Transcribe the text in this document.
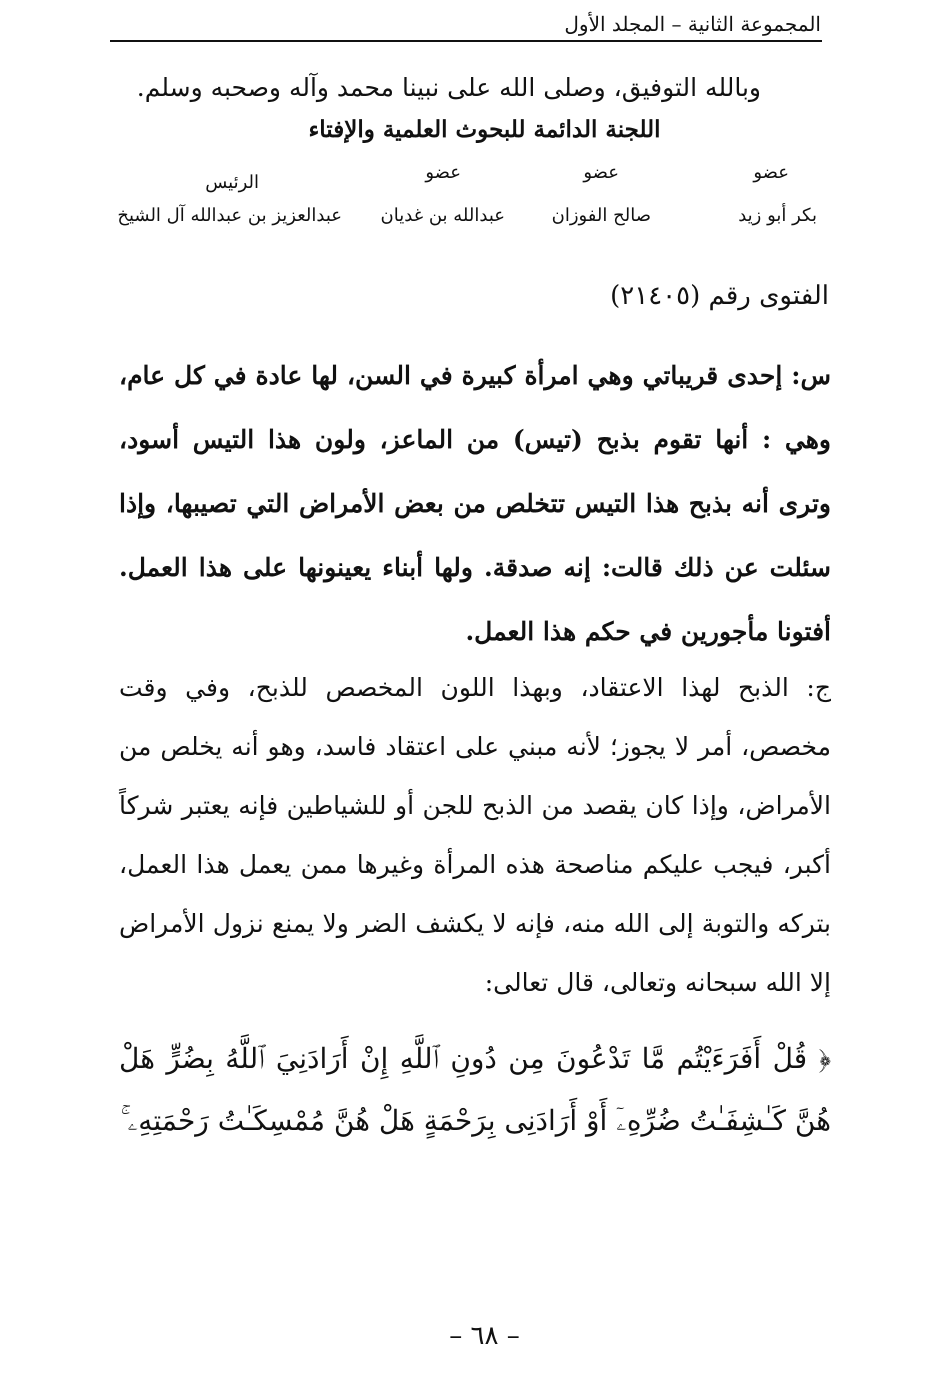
المجموعة الثانية – المجلد الأول
وبالله التوفيق، وصلى الله على نبينا محمد وآله وصحبه وسلم.
اللجنة الدائمة للبحوث العلمية والإفتاء
عضو
عضو
عضو
الرئيس
بكر أبو زيد
صالح الفوزان
عبدالله بن غديان
عبدالعزيز بن عبدالله آل الشيخ
الفتوى رقم (٢١٤٠٥)
س: إحدى قريباتي وهي امرأة كبيرة في السن، لها عادة في كل عام، وهي : أنها تقوم بذبح (تيس) من الماعز، ولون هذا التيس أسود، وترى أنه بذبح هذا التيس تتخلص من بعض الأمراض التي تصيبها، وإذا سئلت عن ذلك قالت: إنه صدقة. ولها أبناء يعينونها على هذا العمل. أفتونا مأجورين في حكم هذا العمل.
ج: الذبح لهذا الاعتقاد، وبهذا اللون المخصص للذبح، وفي وقت مخصص، أمر لا يجوز؛ لأنه مبني على اعتقاد فاسد، وهو أنه يخلص من الأمراض، وإذا كان يقصد من الذبح للجن أو للشياطين فإنه يعتبر شركاً أكبر، فيجب عليكم مناصحة هذه المرأة وغيرها ممن يعمل هذا العمل، بتركه والتوبة إلى الله منه، فإنه لا يكشف الضر ولا يمنع نزول الأمراض إلا الله سبحانه وتعالى، قال تعالى:
﴿ قُلْ أَفَرَءَيْتُم مَّا تَدْعُونَ مِن دُونِ ٱللَّهِ إِنْ أَرَادَنِيَ ٱللَّهُ بِضُرٍّ هَلْ هُنَّ كَـٰشِفَـٰتُ ضُرِّهِۦٓ أَوْ أَرَادَنِى بِرَحْمَةٍ هَلْ هُنَّ مُمْسِكَـٰتُ رَحْمَتِهِۦ ۚ
– ٦٨ –
